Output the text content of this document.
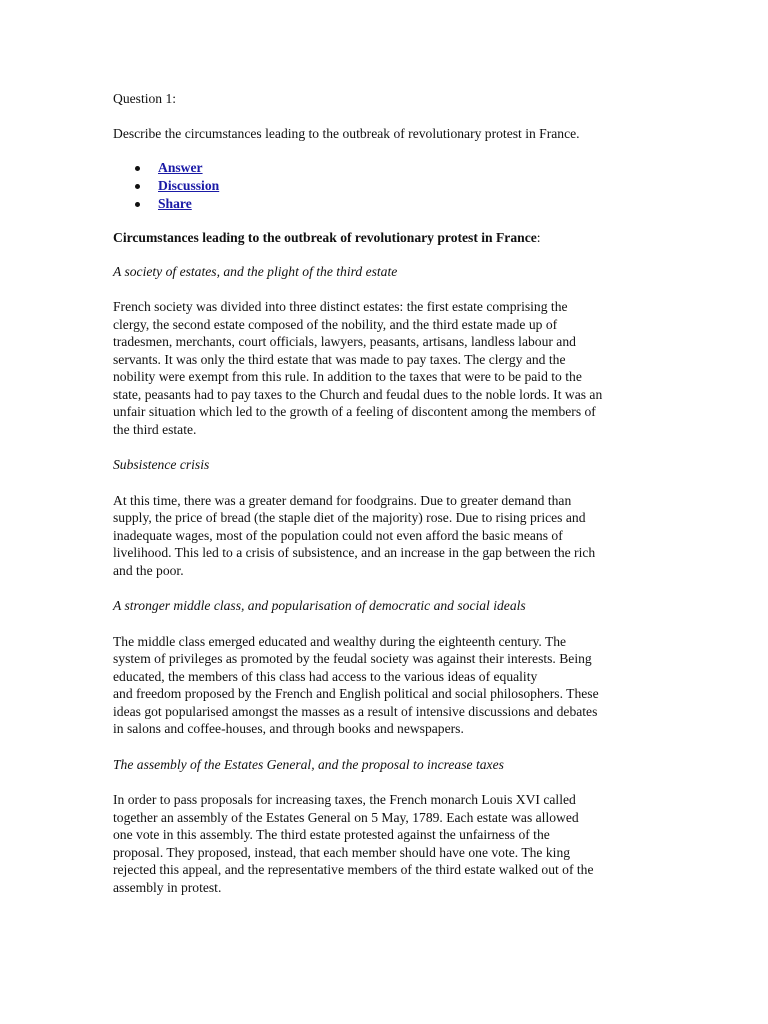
Question 1:

Describe the circumstances leading to the outbreak of revolutionary protest in France.

Answer
Discussion
Share

Circumstances leading to the outbreak of revolutionary protest in France:

A society of estates, and the plight of the third estate

French society was divided into three distinct estates: the first estate comprising the
clergy, the second estate composed of the nobility, and the third estate made up of
tradesmen, merchants, court officials, lawyers, peasants, artisans, landless labour and
servants. It was only the third estate that was made to pay taxes. The clergy and the
nobility were exempt from this rule. In addition to the taxes that were to be paid to the
state, peasants had to pay taxes to the Church and feudal dues to the noble lords. It was an
unfair situation which led to the growth of a feeling of discontent among the members of
the third estate.

Subsistence crisis

At this time, there was a greater demand for foodgrains. Due to greater demand than
supply, the price of bread (the staple diet of the majority) rose. Due to rising prices and
inadequate wages, most of the population could not even afford the basic means of
livelihood. This led to a crisis of subsistence, and an increase in the gap between the rich
and the poor.

A stronger middle class, and popularisation of democratic and social ideals

The middle class emerged educated and wealthy during the eighteenth century. The
system of privileges as promoted by the feudal society was against their interests. Being
educated, the members of this class had access to the various ideas of equality
and freedom proposed by the French and English political and social philosophers. These
ideas got popularised amongst the masses as a result of intensive discussions and debates
in salons and coffee-houses, and through books and newspapers.

The assembly of the Estates General, and the proposal to increase taxes

In order to pass proposals for increasing taxes, the French monarch Louis XVI called
together an assembly of the Estates General on 5 May, 1789. Each estate was allowed
one vote in this assembly. The third estate protested against the unfairness of the
proposal. They proposed, instead, that each member should have one vote. The king
rejected this appeal, and the representative members of the third estate walked out of the
assembly in protest.
